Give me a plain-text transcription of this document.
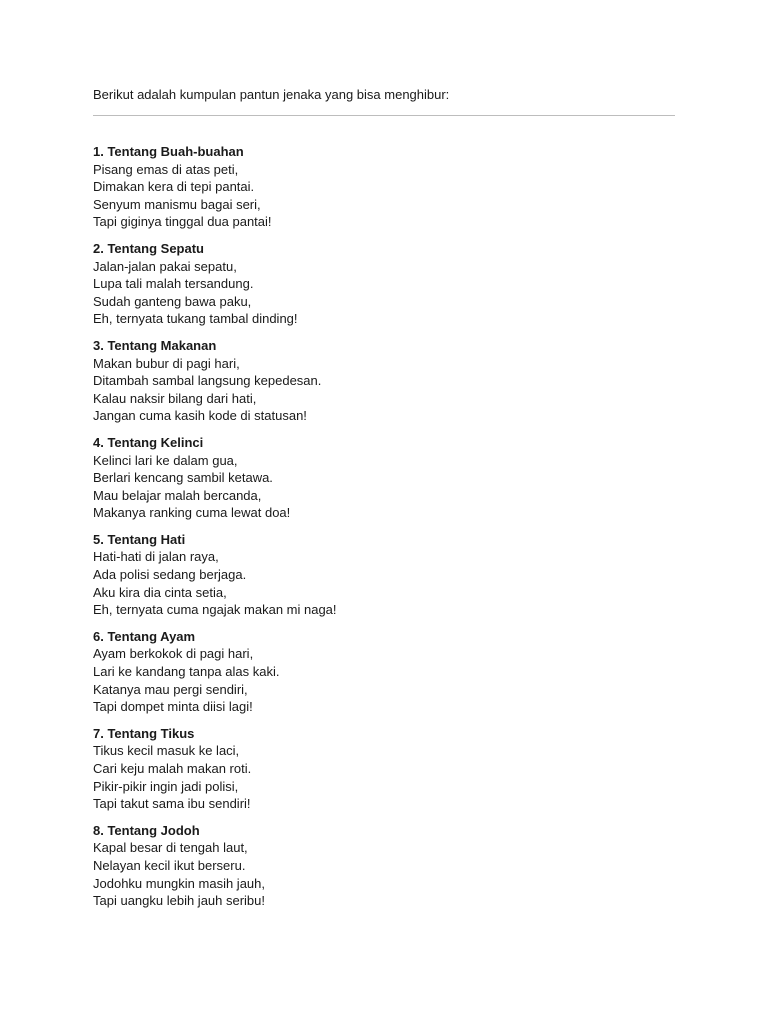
Berikut adalah kumpulan pantun jenaka yang bisa menghibur:

1. Tentang Buah-buahan

Pisang emas di atas peti,

Dimakan kera di tepi pantai.

Senyum manismu bagai seri,

Tapi giginya tinggal dua pantai!

2. Tentang Sepatu

Jalan-jalan pakai sepatu,

Lupa tali malah tersandung.

Sudah ganteng bawa paku,

Eh, ternyata tukang tambal dinding!

3. Tentang Makanan

Makan bubur di pagi hari,

Ditambah sambal langsung kepedesan.

Kalau naksir bilang dari hati,

Jangan cuma kasih kode di statusan!

4. Tentang Kelinci

Kelinci lari ke dalam gua,

Berlari kencang sambil ketawa.

Mau belajar malah bercanda,

Makanya ranking cuma lewat doa!

5. Tentang Hati

Hati-hati di jalan raya,

Ada polisi sedang berjaga.

Aku kira dia cinta setia,

Eh, ternyata cuma ngajak makan mi naga!

6. Tentang Ayam

Ayam berkokok di pagi hari,

Lari ke kandang tanpa alas kaki.

Katanya mau pergi sendiri,

Tapi dompet minta diisi lagi!

7. Tentang Tikus

Tikus kecil masuk ke laci,

Cari keju malah makan roti.

Pikir-pikir ingin jadi polisi,

Tapi takut sama ibu sendiri!

8. Tentang Jodoh

Kapal besar di tengah laut,

Nelayan kecil ikut berseru.

Jodohku mungkin masih jauh,

Tapi uangku lebih jauh seribu!
